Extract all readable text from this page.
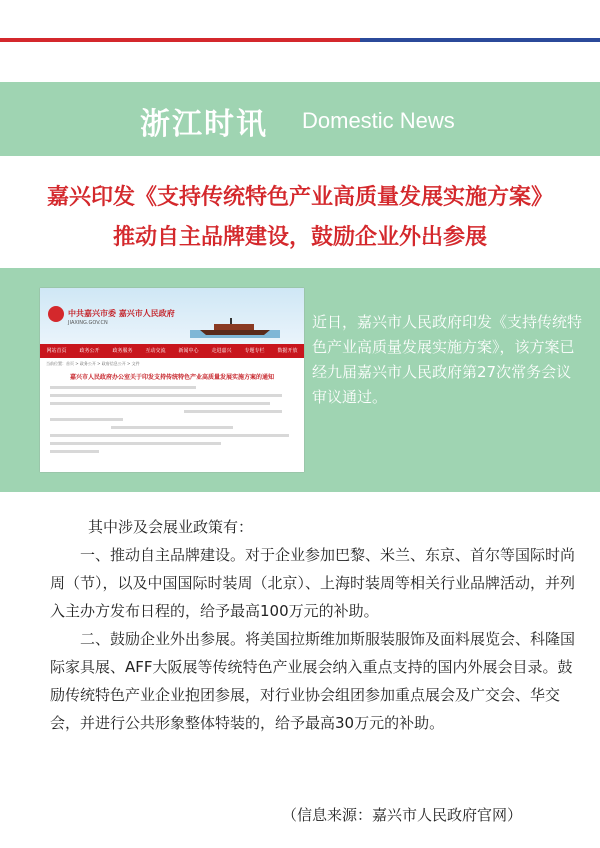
浙江时讯 Domestic News
嘉兴印发《支持传统特色产业高质量发展实施方案》
推动自主品牌建设，鼓励企业外出参展
中共嘉兴市委 嘉兴市人民政府
JIAXING.GOV.CN
网站首页	政务公开	政务服务	互动交流	新闻中心	走进嘉兴	专题专栏	数据开放
当前位置：首页 > 政务公开 > 政府信息公开 > 文件
嘉兴市人民政府办公室关于印发支持传统特色产业高质量发展实施方案的通知
近日，嘉兴市人民政府印发《支持传统特色产业高质量发展实施方案》，该方案已经九届嘉兴市人民政府第27次常务会议审议通过。

其中涉及会展业政策有：

一、推动自主品牌建设。对于企业参加巴黎、米兰、东京、首尔等国际时尚周（节），以及中国国际时装周（北京）、上海时装周等相关行业品牌活动，并列入主办方发布日程的，给予最高100万元的补助。

二、鼓励企业外出参展。将美国拉斯维加斯服装服饰及面料展览会、科隆国际家具展、AFF大阪展等传统特色产业展会纳入重点支持的国内外展会目录。鼓励传统特色产业企业抱团参展，对行业协会组团参加重点展会及广交会、华交会，并进行公共形象整体特装的，给予最高30万元的补助。

（信息来源：嘉兴市人民政府官网）
